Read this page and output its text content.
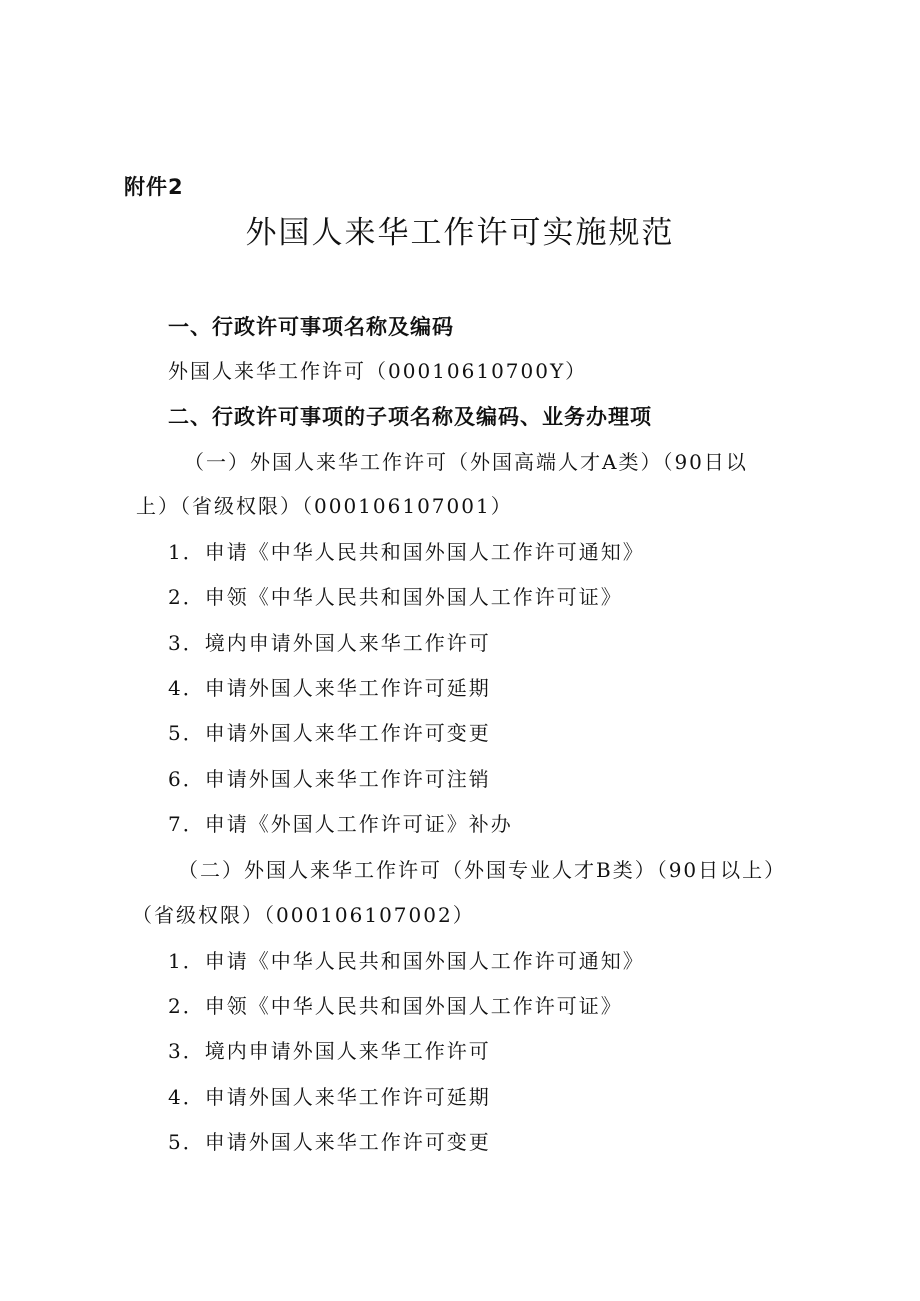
附件2
外国人来华工作许可实施规范
一、行政许可事项名称及编码
外国人来华工作许可（00010610700Y）
二、行政许可事项的子项名称及编码、业务办理项
（一）外国人来华工作许可（外国高端人才A类）（90日以
上）（省级权限）（000106107001）
1．申请《中华人民共和国外国人工作许可通知》
2．申领《中华人民共和国外国人工作许可证》
3．境内申请外国人来华工作许可
4．申请外国人来华工作许可延期
5．申请外国人来华工作许可变更
6．申请外国人来华工作许可注销
7．申请《外国人工作许可证》补办
（二）外国人来华工作许可（外国专业人才B类）（90日以上）
（省级权限）（000106107002）
1．申请《中华人民共和国外国人工作许可通知》
2．申领《中华人民共和国外国人工作许可证》
3．境内申请外国人来华工作许可
4．申请外国人来华工作许可延期
5．申请外国人来华工作许可变更
